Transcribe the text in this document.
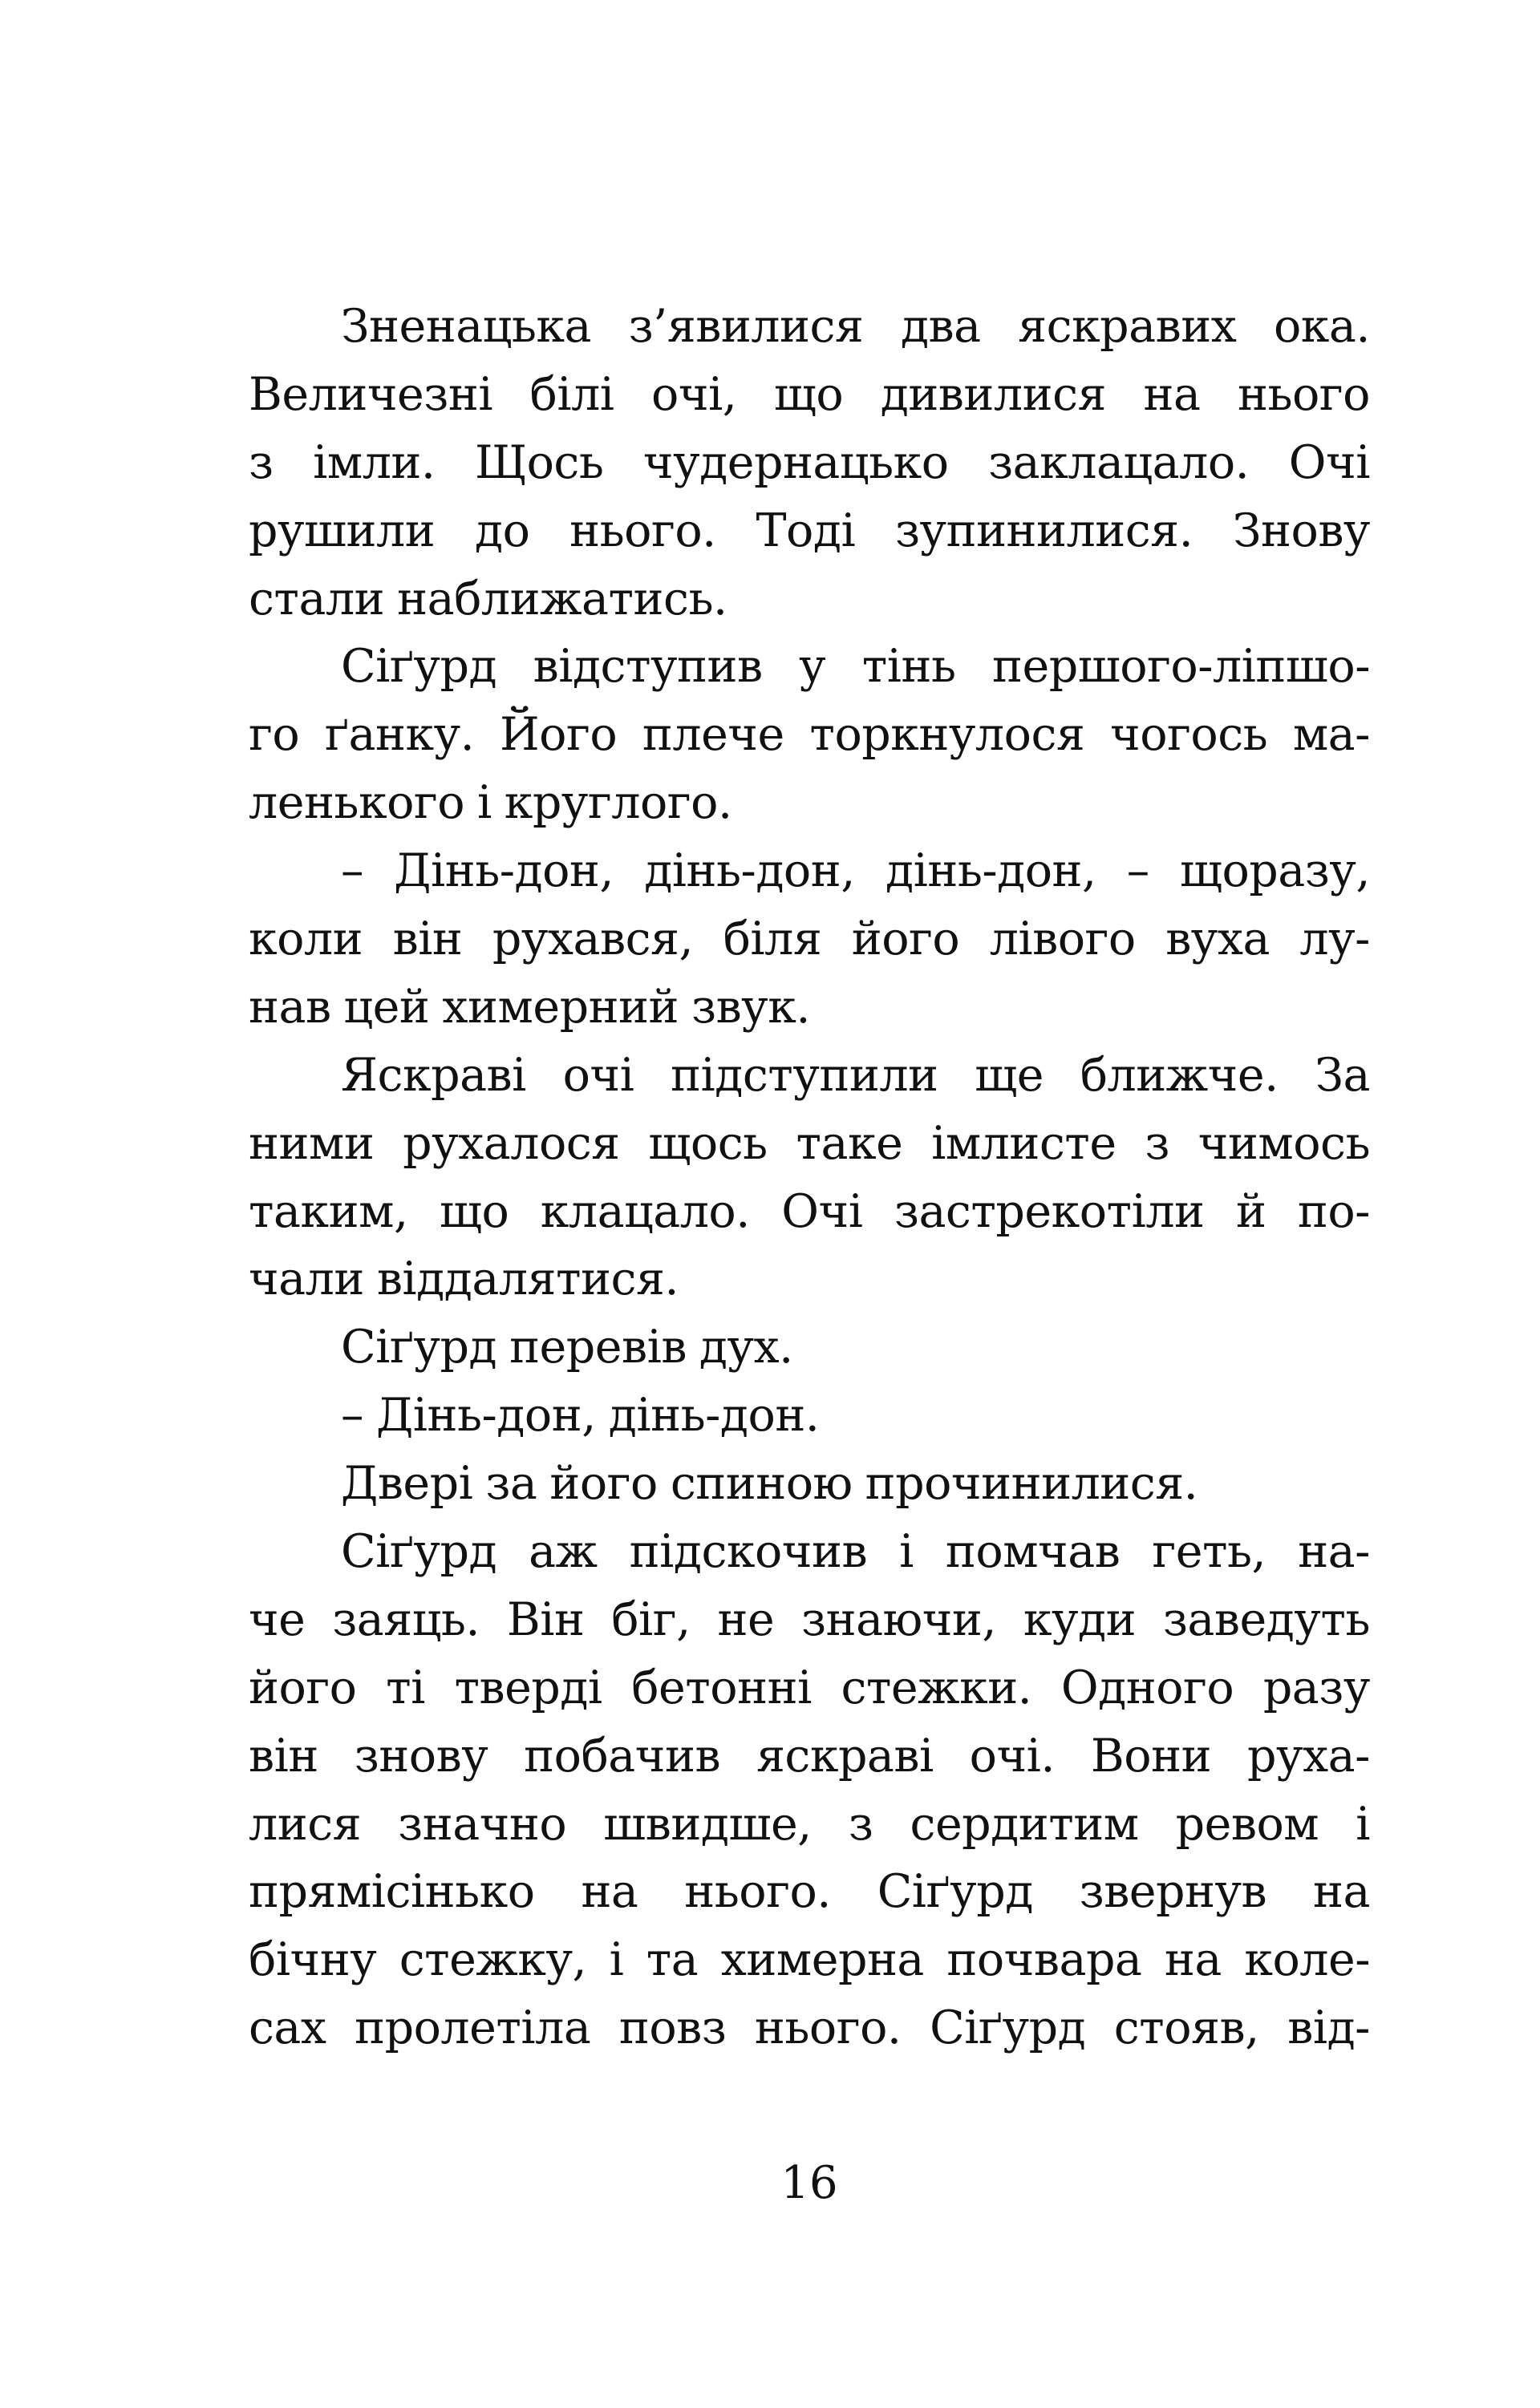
Зненацька з’явилися два яскравих ока.
Величезні білі очі, що дивилися на нього
з імли. Щось чудернацько заклацало. Очі
рушили до нього. Тоді зупинилися. Знову
стали наближатись.
Сіґурд відступив у тінь першого-ліпшо-
го ґанку. Його плече торкнулося чогось ма-
ленького і круглого.
– Дінь-дон, дінь-дон, дінь-дон, – щоразу,
коли він рухався, біля його лівого вуха лу-
нав цей химерний звук.
Яскраві очі підступили ще ближче. За
ними рухалося щось таке імлисте з чимось
таким, що клацало. Очі застрекотіли й по-
чали віддалятися.
Сіґурд перевів дух.
– Дінь-дон, дінь-дон.
Двері за його спиною прочинилися.
Сіґурд аж підскочив і помчав геть, на-
че заяць. Він біг, не знаючи, куди заведуть
його ті тверді бетонні стежки. Одного разу
він знову побачив яскраві очі. Вони руха-
лися значно швидше, з сердитим ревом і
прямісінько на нього. Сіґурд звернув на
бічну стежку, і та химерна почвара на коле-
сах пролетіла повз нього. Сіґурд стояв, від-
16
